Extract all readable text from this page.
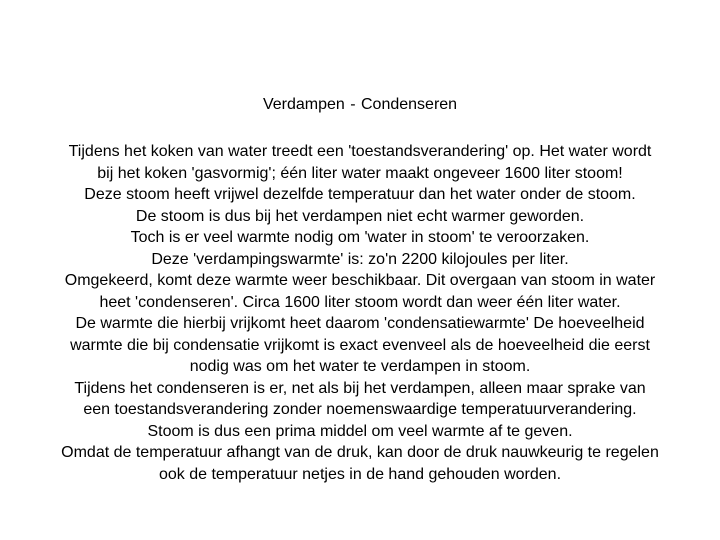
Verdampen - Condenseren
Tijdens het koken van water treedt een 'toestandsverandering' op. Het water wordt
bij het koken 'gasvormig'; één liter water maakt ongeveer 1600 liter stoom!
Deze stoom heeft vrijwel dezelfde temperatuur dan het water onder de stoom.
De stoom is dus bij het verdampen niet echt warmer geworden.
Toch is er veel warmte nodig om 'water in stoom' te veroorzaken.
Deze 'verdampingswarmte' is: zo'n 2200 kilojoules per liter.
Omgekeerd, komt deze warmte weer beschikbaar. Dit overgaan van stoom in water
heet 'condenseren'. Circa 1600 liter stoom wordt dan weer één liter water.
De warmte die hierbij vrijkomt heet daarom 'condensatiewarmte' De hoeveelheid
warmte die bij condensatie vrijkomt is exact evenveel als de hoeveelheid die eerst
nodig was om het water te verdampen in stoom.
Tijdens het condenseren is er, net als bij het verdampen, alleen maar sprake van
een toestandsverandering zonder noemenswaardige temperatuurverandering.
Stoom is dus een prima middel om veel warmte af te geven.
Omdat de temperatuur afhangt van de druk, kan door de druk nauwkeurig te regelen
ook de temperatuur netjes in de hand gehouden worden.
